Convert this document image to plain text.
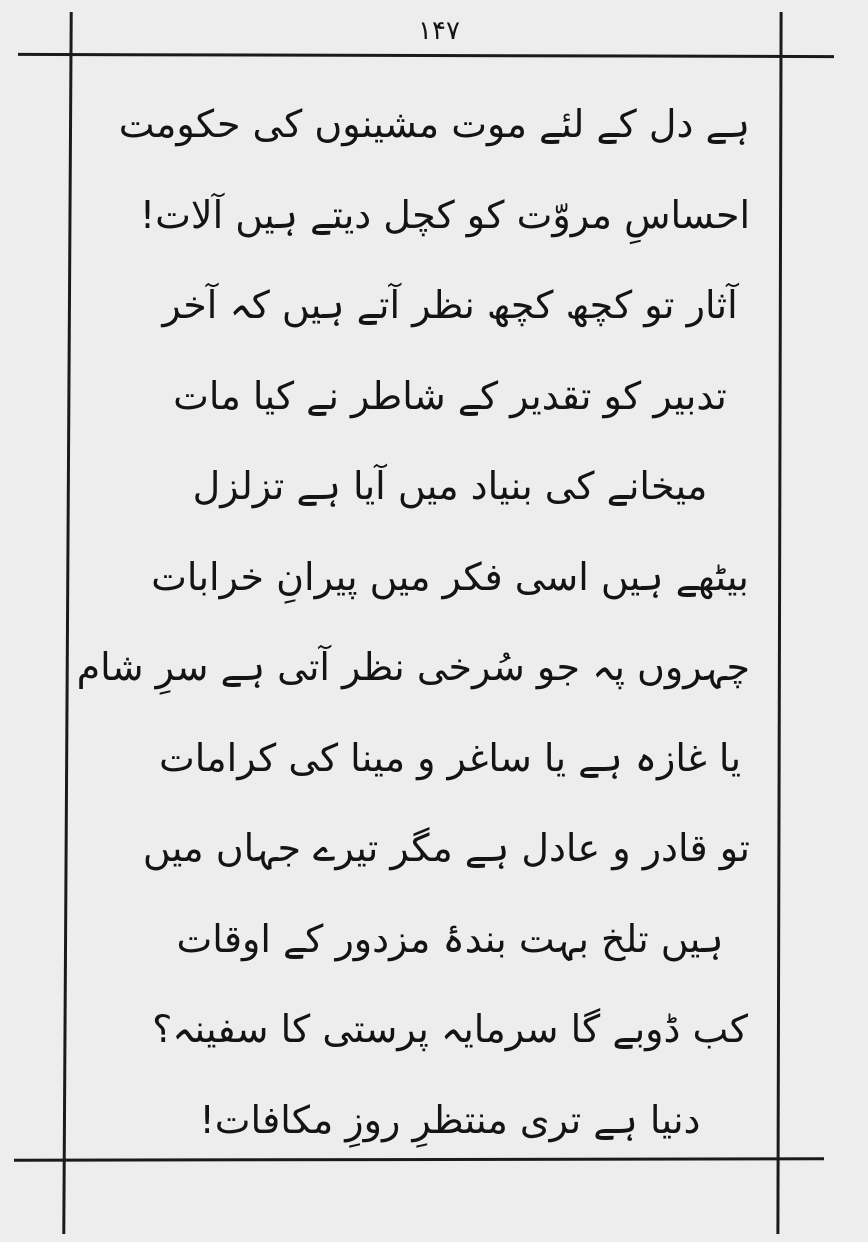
۱۴۷
ہے دل کے لئے موت مشینوں کی حکومت
احساسِ مروّت کو کچل دیتے ہیں آلات!
آثار تو کچھ کچھ نظر آتے ہیں کہ آخر
تدبیر کو تقدیر کے شاطر نے کیا مات
میخانے کی بنیاد میں آیا ہے تزلزل
بیٹھے ہیں اسی فکر میں پیرانِ خرابات
چہروں پہ جو سُرخی نظر آتی ہے سرِ شام
یا غازہ ہے یا ساغر و مینا کی کرامات
تو قادر و عادل ہے مگر تیرے جہاں میں
ہیں تلخ بہت بندۂ مزدور کے اوقات
کب ڈوبے گا سرمایہ پرستی کا سفینہ؟
دنیا ہے تری منتظرِ روزِ مکافات!
